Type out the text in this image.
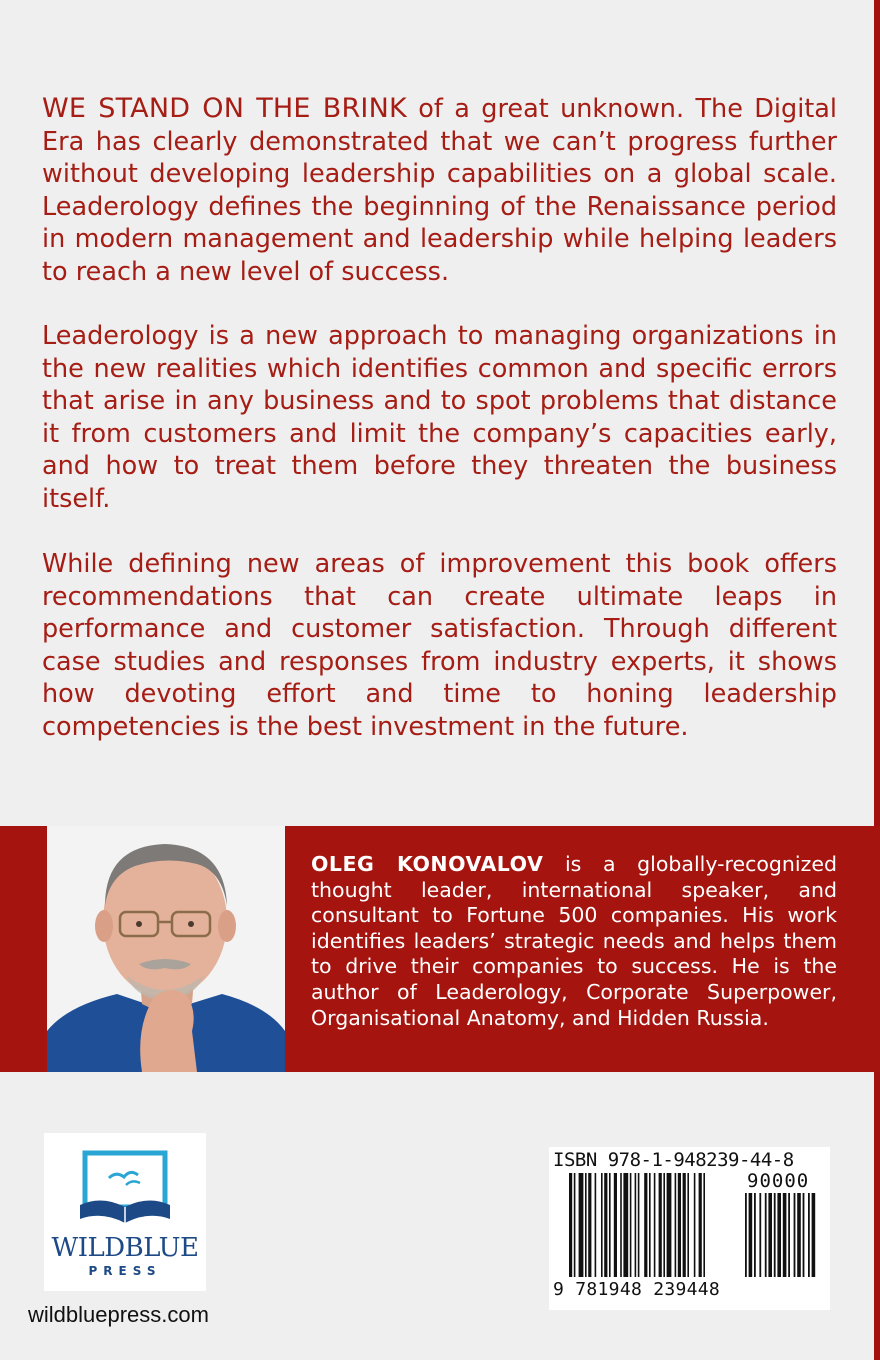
WE STAND ON THE BRINK of a great unknown. The Digital Era has clearly demonstrated that we can’t progress further without developing leadership capabilities on a global scale. Leaderology defines the beginning of the Renaissance period in modern management and leadership while helping leaders to reach a new level of success.

Leaderology is a new approach to managing organizations in the new realities which identifies common and specific errors that arise in any business and to spot problems that distance it from customers and limit the company’s capacities early, and how to treat them before they threaten the business itself.

While defining new areas of improvement this book offers recommendations that can create ultimate leaps in performance and customer satisfaction. Through different case studies and responses from industry experts, it shows how devoting effort and time to honing leadership competencies is the best investment in the future.

OLEG KONOVALOV is a globally-recognized thought leader, international speaker, and consultant to Fortune 500 companies. His work identifies leaders’ strategic needs and helps them to drive their companies to success. He is the author of Leaderology, Corporate Superpower, Organisational Anatomy, and Hidden Russia.

WILDBLUE
PRESS
wildbluepress.com
ISBN 978-1-948239-44-8
90000
9 781948 239448
